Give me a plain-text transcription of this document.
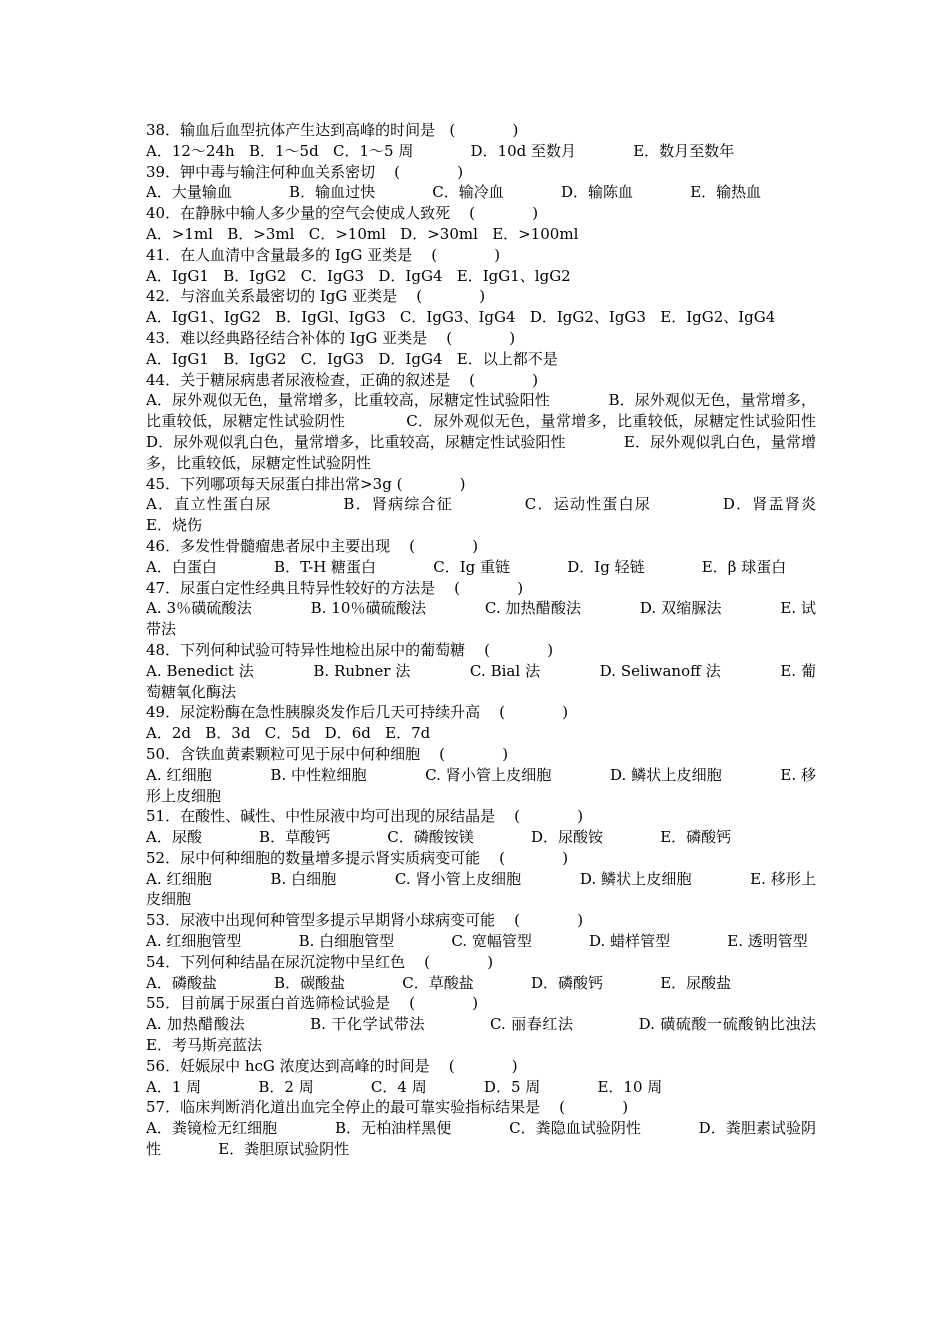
38．输血后血型抗体产生达到高峰的时间是   (            )

A．12～24h   B．1～5d   C．1～5 周            D．10d 至数月            E．数月至数年

39．钾中毒与输注何种血关系密切    (            )

A．大量输血            B．输血过快            C．输冷血            D．输陈血            E．输热血

40．在静脉中输人多少量的空气会使成人致死    (            )

A．>1ml   B．>3ml   C．>10ml   D．>30ml   E．>100ml

41．在人血清中含量最多的 IgG 亚类是    (            )

A．IgG1   B．IgG2   C．IgG3   D．IgG4   E．IgG1、lgG2

42．与溶血关系最密切的 IgG 亚类是    (            )

A．IgG1、IgG2   B．IgGl、IgG3   C．IgG3、IgG4   D．IgG2、IgG3   E．IgG2、IgG4

43．难以经典路径结合补体的 IgG 亚类是    (            )

A．IgG1   B．IgG2   C．IgG3   D．IgG4   E．以上都不是

44．关于糖尿病患者尿液检查，正确的叙述是    (            )

A．尿外观似无色，量常增多，比重较高，尿糖定性试验阳性            B．尿外观似无色，量常增多，比重较低，尿糖定性试验阴性            C．尿外观似无色，量常增多，比重较低，尿糖定性试验阳性            D．尿外观似乳白色，量常增多，比重较高，尿糖定性试验阳性            E．尿外观似乳白色，量常增多，比重较低，尿糖定性试验阴性

45．下列哪项每天尿蛋白排出常>3g (            )

A．直立性蛋白尿            B．肾病综合征            C．运动性蛋白尿            D．肾盂肾炎            E．烧伤

46．多发性骨髓瘤患者尿中主要出现    (            )

A．白蛋白            B．T-H 糖蛋白            C．Ig 重链            D．Ig 轻链            E．β 球蛋白

47．尿蛋白定性经典且特异性较好的方法是    (            )

A. 3％磺硫酸法            B. 10％磺硫酸法            C. 加热醋酸法            D. 双缩脲法            E. 试带法

48．下列何种试验可特异性地检出尿中的葡萄糖    (            )

A. Benedict 法            B. Rubner 法            C. Bial 法            D. Seliwanoff 法            E. 葡萄糖氧化酶法

49．尿淀粉酶在急性胰腺炎发作后几天可持续升高    (            )

A．2d   B．3d   C．5d   D．6d   E．7d

50．含铁血黄素颗粒可见于尿中何种细胞    (            )

A. 红细胞            B. 中性粒细胞            C. 肾小管上皮细胞            D. 鳞状上皮细胞            E. 移形上皮细胞

51．在酸性、碱性、中性尿液中均可出现的尿结晶是    (            )

A．尿酸            B．草酸钙            C．磷酸铵镁            D．尿酸铵            E．磷酸钙

52．尿中何种细胞的数量增多提示肾实质病变可能    (            )

A. 红细胞            B. 白细胞            C. 肾小管上皮细胞            D. 鳞状上皮细胞            E. 移形上皮细胞

53．尿液中出现何种管型多提示早期肾小球病变可能    (            )

A. 红细胞管型            B. 白细胞管型            C. 宽幅管型            D. 蜡样管型            E. 透明管型

54．下列何种结晶在尿沉淀物中呈红色    (            )

A．磷酸盐            B．碳酸盐            C．草酸盐            D．磷酸钙            E．尿酸盐

55．目前属于尿蛋白首选筛检试验是    (            )

A. 加热醋酸法            B. 干化学试带法            C. 丽春红法            D. 磺硫酸一硫酸钠比浊法            E．考马斯亮蓝法

56．妊娠尿中 hcG 浓度达到高峰的时间是    (            )

A．1 周            B．2 周            C．4 周            D．5 周            E．10 周

57．临床判断消化道出血完全停止的最可靠实验指标结果是    (            )

A．粪镜检无红细胞            B．无柏油样黑便            C．粪隐血试验阴性            D．粪胆素试验阴性            E．粪胆原试验阴性
